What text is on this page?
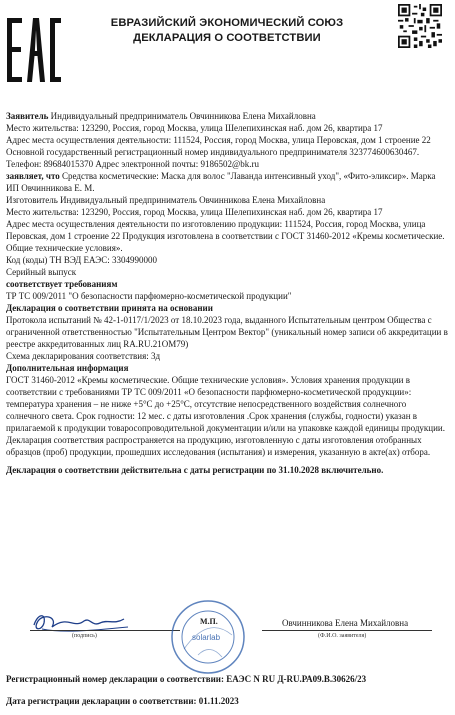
ЕВРАЗИЙСКИЙ ЭКОНОМИЧЕСКИЙ СОЮЗ
ДЕКЛАРАЦИЯ О СООТВЕТСТВИИ

Заявитель Индивидуальный предприниматель Овчинникова Елена Михайловна

Место жительства: 123290, Россия, город Москва, улица Шелепихинская наб. дом 26, квартира 17

Адрес места осуществления деятельности: 111524, Россия, город Москва, улица Перовская, дом 1 строение 22

Основной государственный регистрационный номер индивидуального предпринимателя 323774600630467.

Телефон: 89684015370 Адрес электронной почты: 9186502@bk.ru

заявляет, что Средства косметические: Маска для волос "Лаванда интенсивный уход", «Фито-эликсир». Марка ИП Овчинникова Е. М.

Изготовитель Индивидуальный предприниматель Овчинникова Елена Михайловна

Место жительства: 123290, Россия, город Москва, улица Шелепихинская наб. дом 26, квартира 17

Адрес места осуществления деятельности по изготовлению продукции: 111524, Россия, город Москва, улица Перовская, дом 1 строение 22 Продукция изготовлена в соответствии с ГОСТ 31460-2012 «Кремы косметические. Общие технические условия».

Код (коды) ТН ВЭД ЕАЭС: 3304990000

Серийный выпуск

соответствует требованиям

ТР ТС 009/2011 "О безопасности парфюмерно-косметической продукции"

Декларация о соответствии принята на основании

Протокола испытаний № 42-1-0117/1/2023 от 18.10.2023 года, выданного Испытательным центром Общества с ограниченной ответственностью "Испытательным Центром Вектор" (уникальный номер записи об аккредитации в реестре аккредитованных лиц RA.RU.21OM79)

Схема декларирования соответствия: 3д

Дополнительная информация

ГОСТ 31460-2012 «Кремы косметические. Общие технические условия». Условия хранения продукции в соответствии с требованиями ТР ТС 009/2011 «О безопасности парфюмерно-косметической продукции»: температура хранения – не ниже +5°С до +25°С, отсутствие непосредственного воздействия солнечного солнечного света. Срок годности: 12 мес. с даты изготовления .Срок хранения (службы, годности) указан в прилагаемой к продукции товаросопроводительной документации и/или на упаковке каждой единицы продукции. Декларация соответствия распространяется на продукцию, изготовленную с даты изготовления отобранных образцов (проб) продукции, прошедших исследования (испытания) и измерения, указанную в акте(ах) отбора.

Декларация о соответствии действительна с даты регистрации по 31.10.2028 включительно.

(подпись)
М.П.
solarlab
Овчинникова Елена Михайловна
(Ф.И.О. заявителя)
Регистрационный номер декларации о соответствии: ЕАЭС N RU Д-RU.РА09.В.30626/23
Дата регистрации декларации о соответствии: 01.11.2023
